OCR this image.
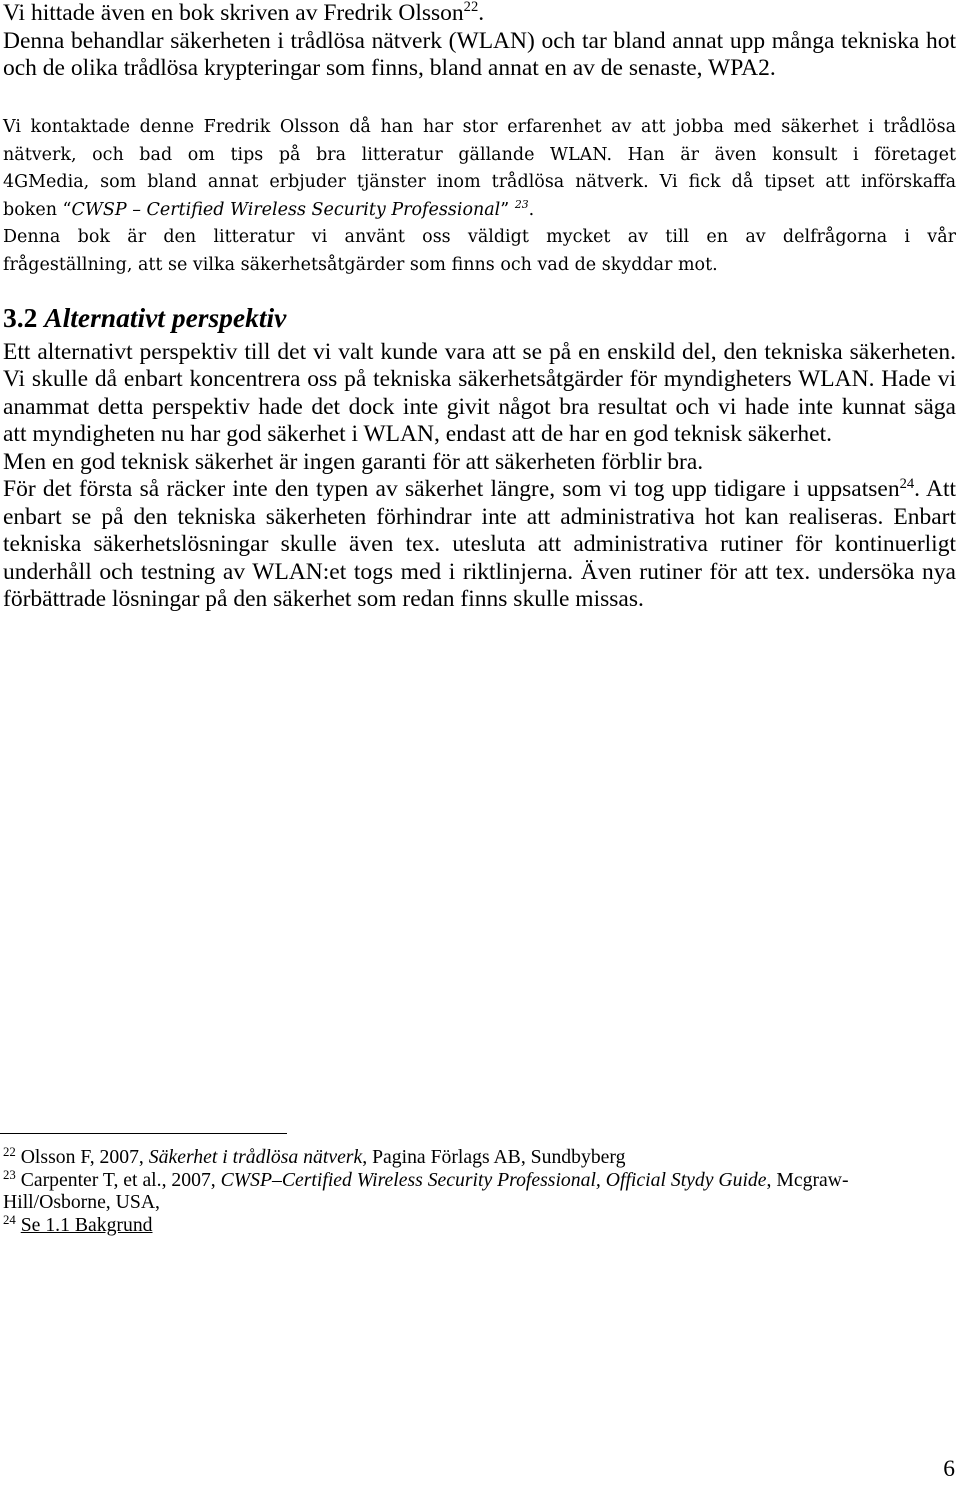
Vi hittade även en bok skriven av Fredrik Olsson$^{22}$.
Denna behandlar säkerheten i trådlösa nätverk (WLAN) och tar bland annat upp många tekniska hot
och de olika trådlösa krypteringar som finns, bland annat en av de senaste, WPA2.
Vi kontaktade denne Fredrik Olsson då han har stor erfarenhet av att jobba med säkerhet i trådlösa
nätverk, och bad om tips på bra litteratur gällande WLAN. Han är även konsult i företaget
4GMedia, som bland annat erbjuder tjänster inom trådlösa nätverk. Vi fick då tipset att införskaffa
boken “CWSP – Certified Wireless Security Professional” $^{23}$.
Denna bok är den litteratur vi använt oss väldigt mycket av till en av delfrågorna i vår
frågeställning, att se vilka säkerhetsåtgärder som finns och vad de skyddar mot.
3.2 Alternativt perspektiv
Ett alternativt perspektiv till det vi valt kunde vara att se på en enskild del, den tekniska säkerheten.
Vi skulle då enbart koncentrera oss på tekniska säkerhetsåtgärder för myndigheters WLAN. Hade vi
anammat detta perspektiv hade det dock inte givit något bra resultat och vi hade inte kunnat säga
att myndigheten nu har god säkerhet i WLAN, endast att de har en god teknisk säkerhet.
Men en god teknisk säkerhet är ingen garanti för att säkerheten förblir bra.
För det första så räcker inte den typen av säkerhet längre, som vi tog upp tidigare i uppsatsen$^{24}$. Att
enbart se på den tekniska säkerheten förhindrar inte att administrativa hot kan realiseras. Enbart
tekniska säkerhetslösningar skulle även tex. utesluta att administrativa rutiner för kontinuerligt
underhåll och testning av WLAN:et togs med i riktlinjerna. Även rutiner för att tex. undersöka nya
förbättrade lösningar på den säkerhet som redan finns skulle missas.
$^{22}$ Olsson F, 2007, Säkerhet i trådlösa nätverk, Pagina Förlags AB, Sundbyberg
$^{23}$ Carpenter T, et al., 2007, CWSP–Certified Wireless Security Professional, Official Stydy Guide, Mcgraw-
Hill/Osborne, USA,
$^{24}$ Se 1.1 Bakgrund
6
